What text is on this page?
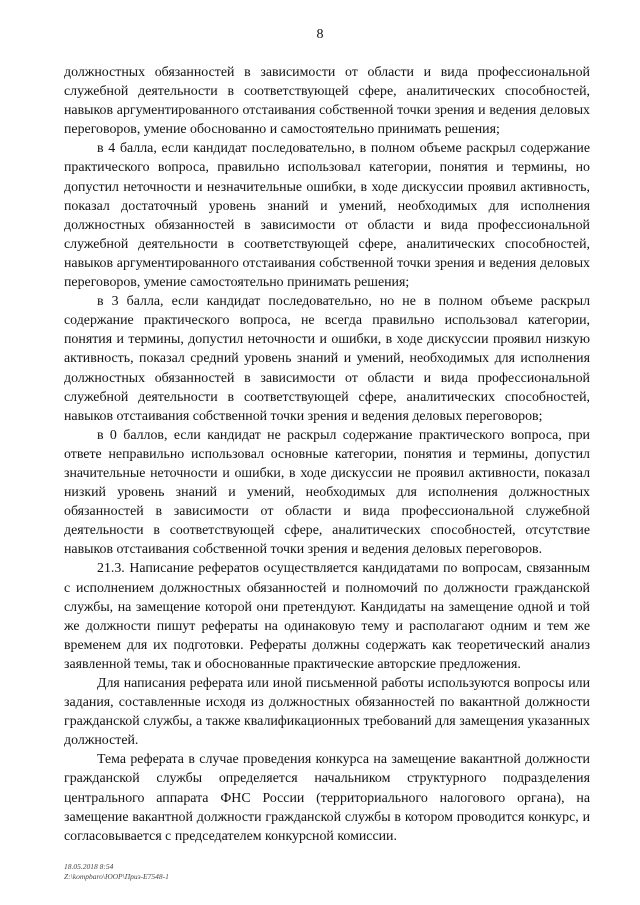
8

должностных обязанностей в зависимости от области и вида профессиональной служебной деятельности в соответствующей сфере, аналитических способностей, навыков аргументированного отстаивания собственной точки зрения и ведения деловых переговоров, умение обоснованно и самостоятельно принимать решения;

в 4 балла, если кандидат последовательно, в полном объеме раскрыл содержание практического вопроса, правильно использовал категории, понятия и термины, но допустил неточности и незначительные ошибки, в ходе дискуссии проявил активность, показал достаточный уровень знаний и умений, необходимых для исполнения должностных обязанностей в зависимости от области и вида профессиональной служебной деятельности в соответствующей сфере, аналитических способностей, навыков аргументированного отстаивания собственной точки зрения и ведения деловых переговоров, умение самостоятельно принимать решения;

в 3 балла, если кандидат последовательно, но не в полном объеме раскрыл содержание практического вопроса, не всегда правильно использовал категории, понятия и термины, допустил неточности и ошибки, в ходе дискуссии проявил низкую активность, показал средний уровень знаний и умений, необходимых для исполнения должностных обязанностей в зависимости от области и вида профессиональной служебной деятельности в соответствующей сфере, аналитических способностей, навыков отстаивания собственной точки зрения и ведения деловых переговоров;

в 0 баллов, если кандидат не раскрыл содержание практического вопроса, при ответе неправильно использовал основные категории, понятия и термины, допустил значительные неточности и ошибки, в ходе дискуссии не проявил активности, показал низкий уровень знаний и умений, необходимых для исполнения должностных обязанностей в зависимости от области и вида профессиональной служебной деятельности в соответствующей сфере, аналитических способностей, отсутствие навыков отстаивания собственной точки зрения и ведения деловых переговоров.

21.3. Написание рефератов осуществляется кандидатами по вопросам, связанным с исполнением должностных обязанностей и полномочий по должности гражданской службы, на замещение которой они претендуют. Кандидаты на замещение одной и той же должности пишут рефераты на одинаковую тему и располагают одним и тем же временем для их подготовки. Рефераты должны содержать как теоретический анализ заявленной темы, так и обоснованные практические авторские предложения.

Для написания реферата или иной письменной работы используются вопросы или задания, составленные исходя из должностных обязанностей по вакантной должности гражданской службы, а также квалификационных требований для замещения указанных должностей.

Тема реферата в случае проведения конкурса на замещение вакантной должности гражданской службы определяется начальником структурного подразделения центрального аппарата ФНС России (территориального налогового органа), на замещение вакантной должности гражданской службы в котором проводится конкурс, и согласовывается с председателем конкурсной комиссии.

18.05.2018 8:54
Z:\kompbaro\ЮОР\Приз-E7548-1
